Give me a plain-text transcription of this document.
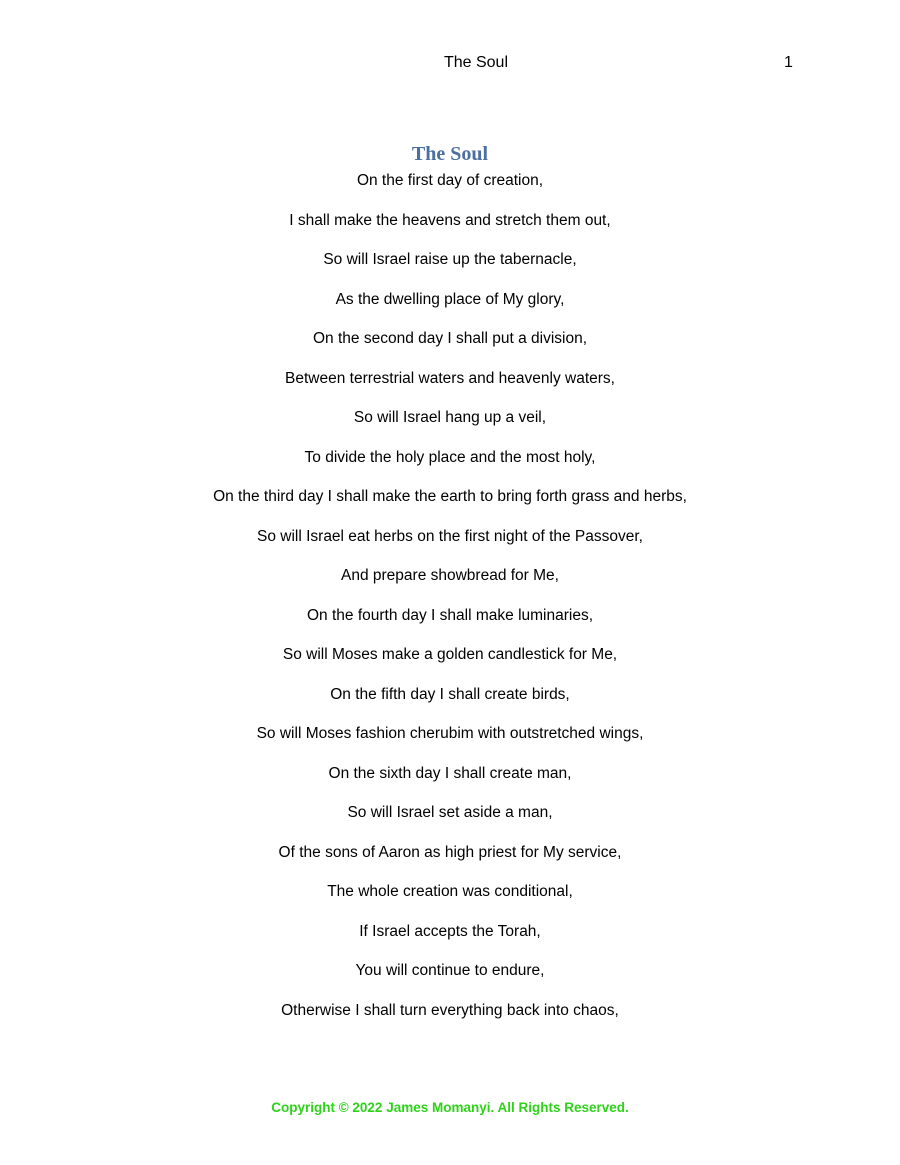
The Soul	1
The Soul
On the first day of creation,
I shall make the heavens and stretch them out,
So will Israel raise up the tabernacle,
As the dwelling place of My glory,
On the second day I shall put a division,
Between terrestrial waters and heavenly waters,
So will Israel hang up a veil,
To divide the holy place and the most holy,
On the third day I shall make the earth to bring forth grass and herbs,
So will Israel eat herbs on the first night of the Passover,
And prepare showbread for Me,
On the fourth day I shall make luminaries,
So will Moses make a golden candlestick for Me,
On the fifth day I shall create birds,
So will Moses fashion cherubim with outstretched wings,
On the sixth day I shall create man,
So will Israel set aside a man,
Of the sons of Aaron as high priest for My service,
The whole creation was conditional,
If Israel accepts the Torah,
You will continue to endure,
Otherwise I shall turn everything back into chaos,
Copyright © 2022 James Momanyi. All Rights Reserved.
